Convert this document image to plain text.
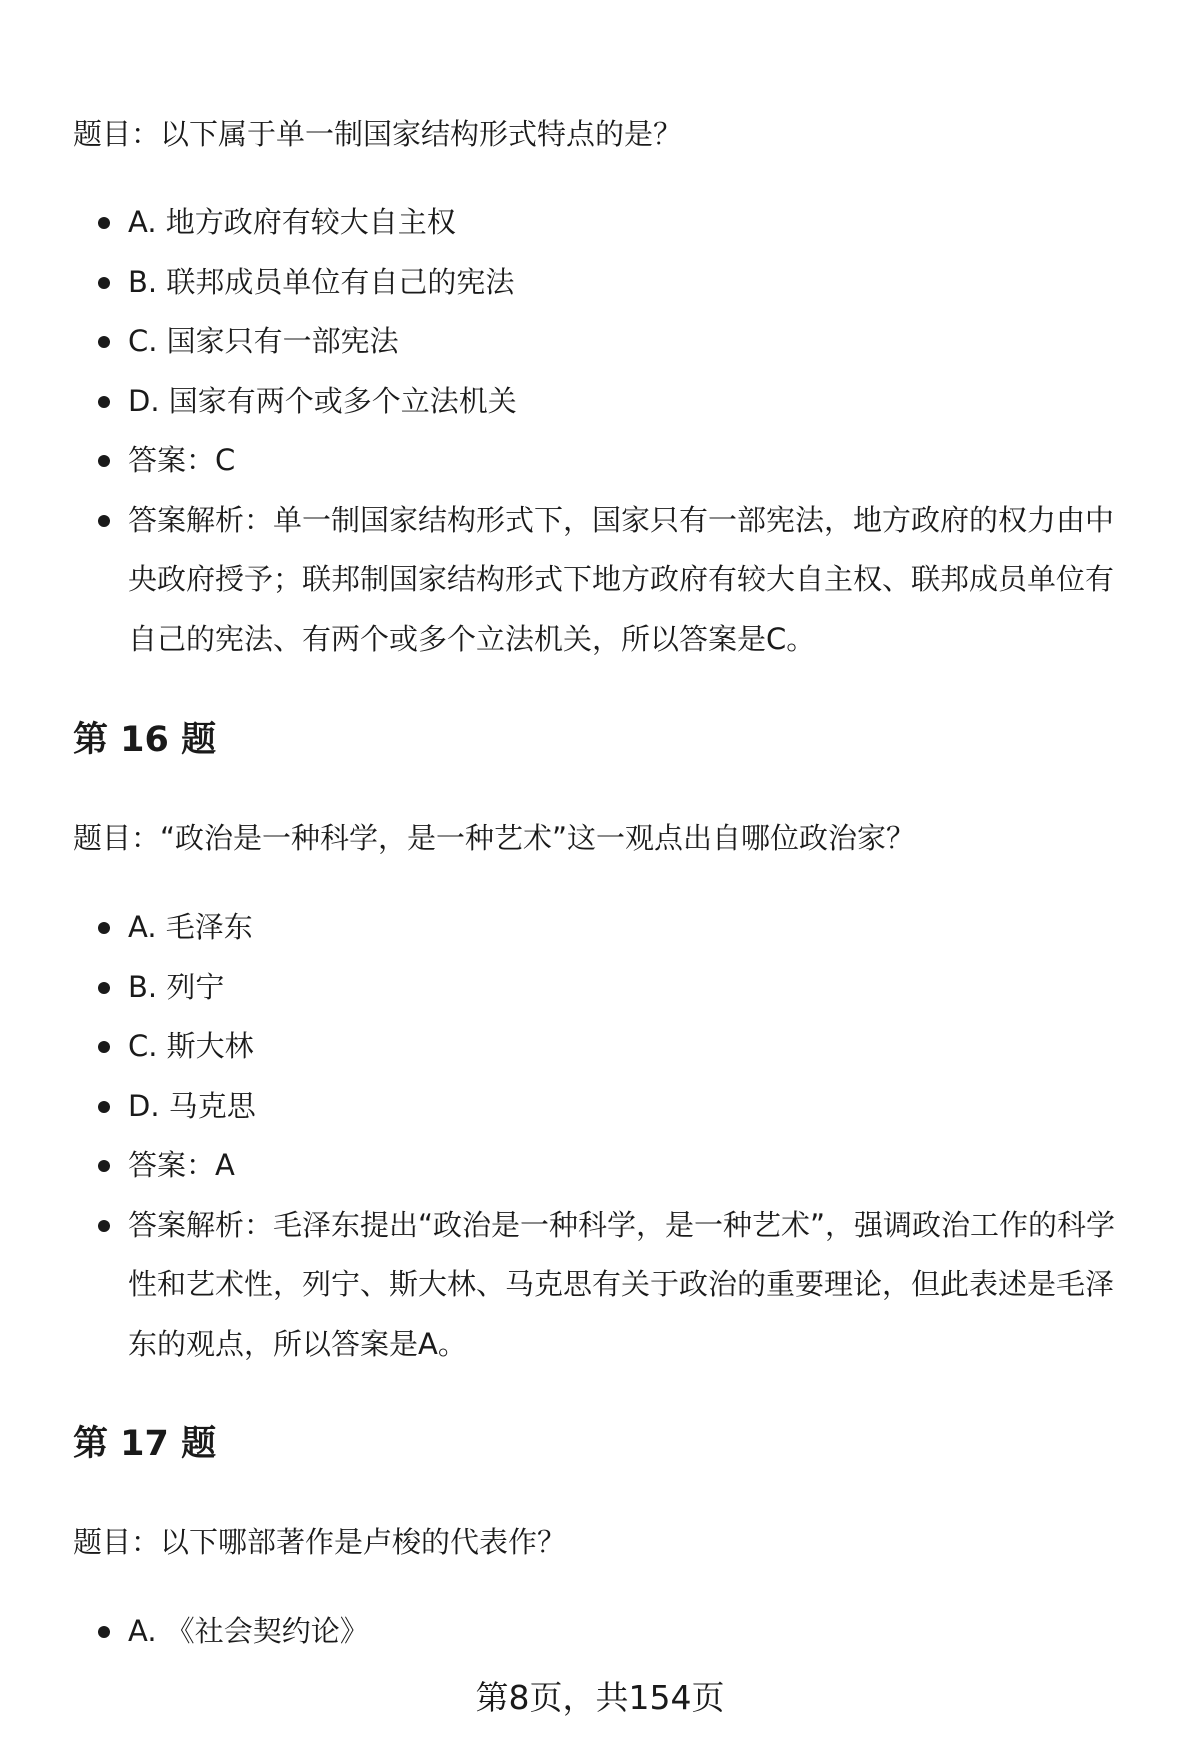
题目：以下属于单一制国家结构形式特点的是？

A. 地方政府有较大自主权
B. 联邦成员单位有自己的宪法
C. 国家只有一部宪法
D. 国家有两个或多个立法机关
答案：C
答案解析：单一制国家结构形式下，国家只有一部宪法，地方政府的权力由中央政府授予；联邦制国家结构形式下地方政府有较大自主权、联邦成员单位有自己的宪法、有两个或多个立法机关，所以答案是C。
第 16 题

题目：“政治是一种科学，是一种艺术”这一观点出自哪位政治家？

A. 毛泽东
B. 列宁
C. 斯大林
D. 马克思
答案：A
答案解析：毛泽东提出“政治是一种科学，是一种艺术”，强调政治工作的科学性和艺术性，列宁、斯大林、马克思有关于政治的重要理论，但此表述是毛泽东的观点，所以答案是A。
第 17 题

题目：以下哪部著作是卢梭的代表作？

A. 《社会契约论》
第8页，共154页
